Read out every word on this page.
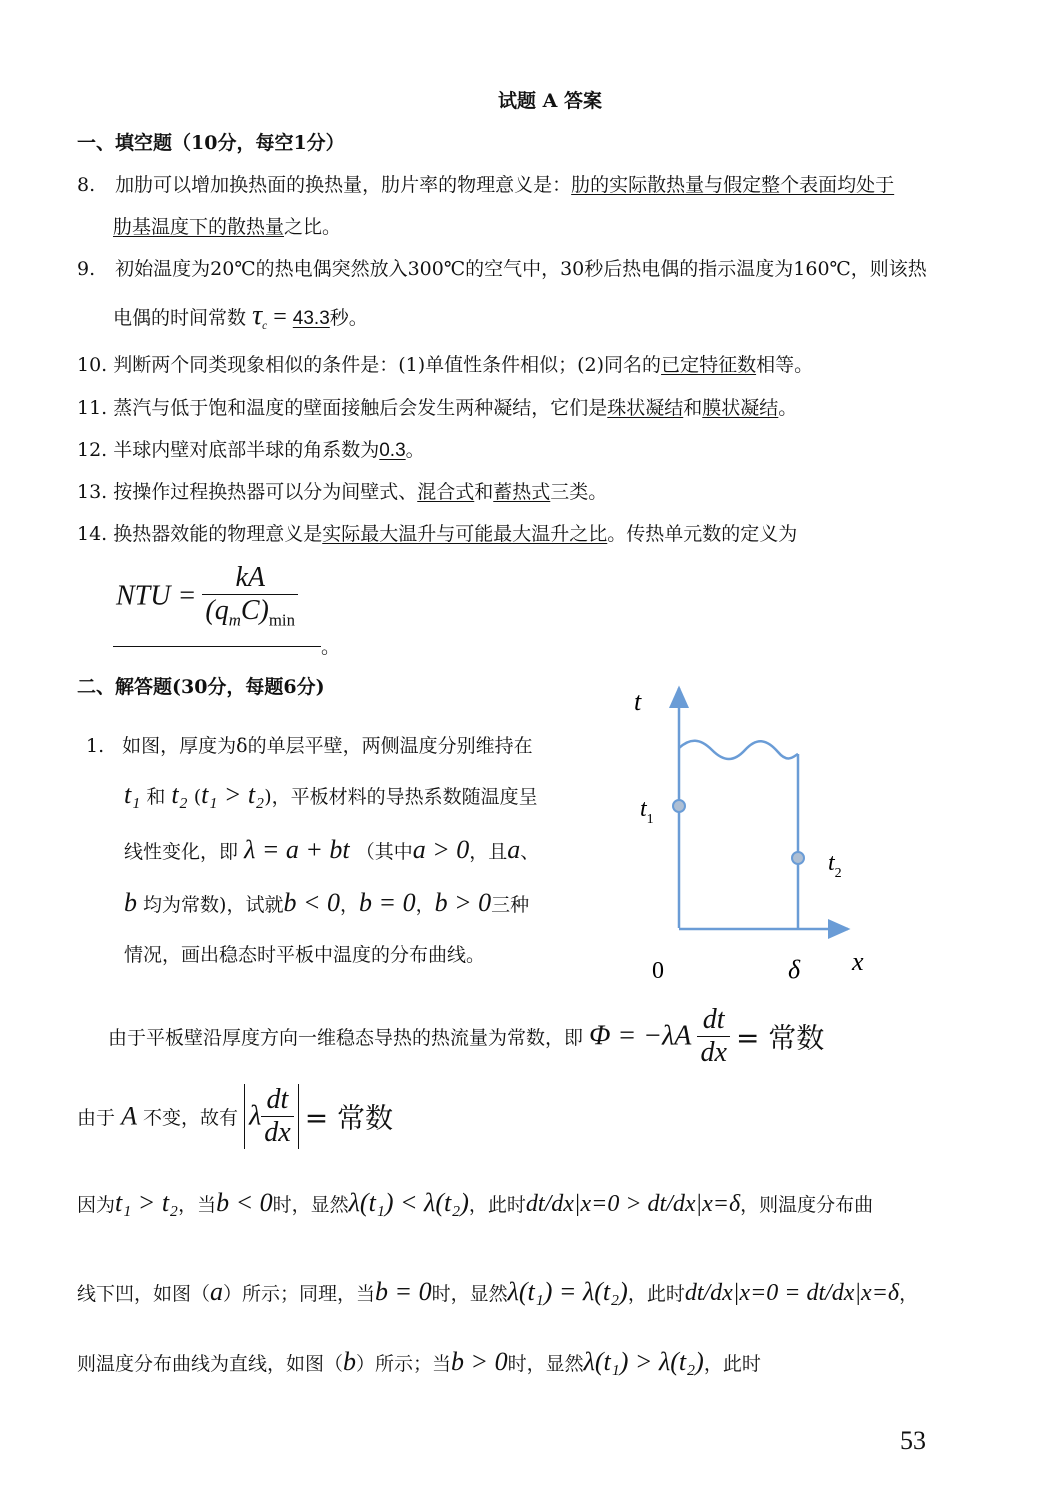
试题 A 答案
一、填空题（10分，每空1分）
8. 加肋可以增加换热面的换热量，肋片率的物理意义是：肋的实际散热量与假定整个表面均处于
肋基温度下的散热量之比。
9. 初始温度为20℃的热电偶突然放入300℃的空气中，30秒后热电偶的指示温度为160℃，则该热
电偶的时间常数 $\tau_c = 43.3$秒。
10. 判断两个同类现象相似的条件是：(1)单值性条件相似；(2)同名的已定特征数相等。
11. 蒸汽与低于饱和温度的壁面接触后会发生两种凝结，它们是珠状凝结和膜状凝结。
12. 半球内壁对底部半球的角系数为0.3。
13. 按操作过程换热器可以分为间壁式、混合式和蓄热式三类。
14. 换热器效能的物理意义是实际最大温升与可能最大温升之比。传热单元数的定义为
NTU = $\frac{kA}{(q_mC)_{min}}$
。
二、解答题(30分，每题6分)
1. 如图，厚度为δ的单层平壁，两侧温度分别维持在
t₁ 和 t₂ (t₁ > t₂)，平板材料的导热系数随温度呈
线性变化，即 λ = a + bt （其中a > 0，且a、
b 均为常数)，试就b < 0，b = 0，b > 0三种
情况，画出稳态时平板中温度的分布曲线。
t
$t_1$
$t_2$
0	δ x
由于平板壁沿厚度方向一维稳态导热的热流量为常数，即 $\Phi = -\lambda A \frac{dt}{dx}$ = 常数
由于 A 不变，故有 λ $\frac{dt}{dx}$ = 常数
因为t₁ > t₂，当b < 0时，显然λ(t₁) < λ(t₂)，此时dt/dx|x=0 > dt/dx|x=δ，则温度分布曲
线下凹，如图（a）所示；同理，当b = 0时，显然λ(t₁) = λ(t₂)，此时dt/dx|x=0 = dt/dx|x=δ，
则温度分布曲线为直线，如图（b）所示；当b > 0时，显然λ(t₁) > λ(t₂)，此时
53
